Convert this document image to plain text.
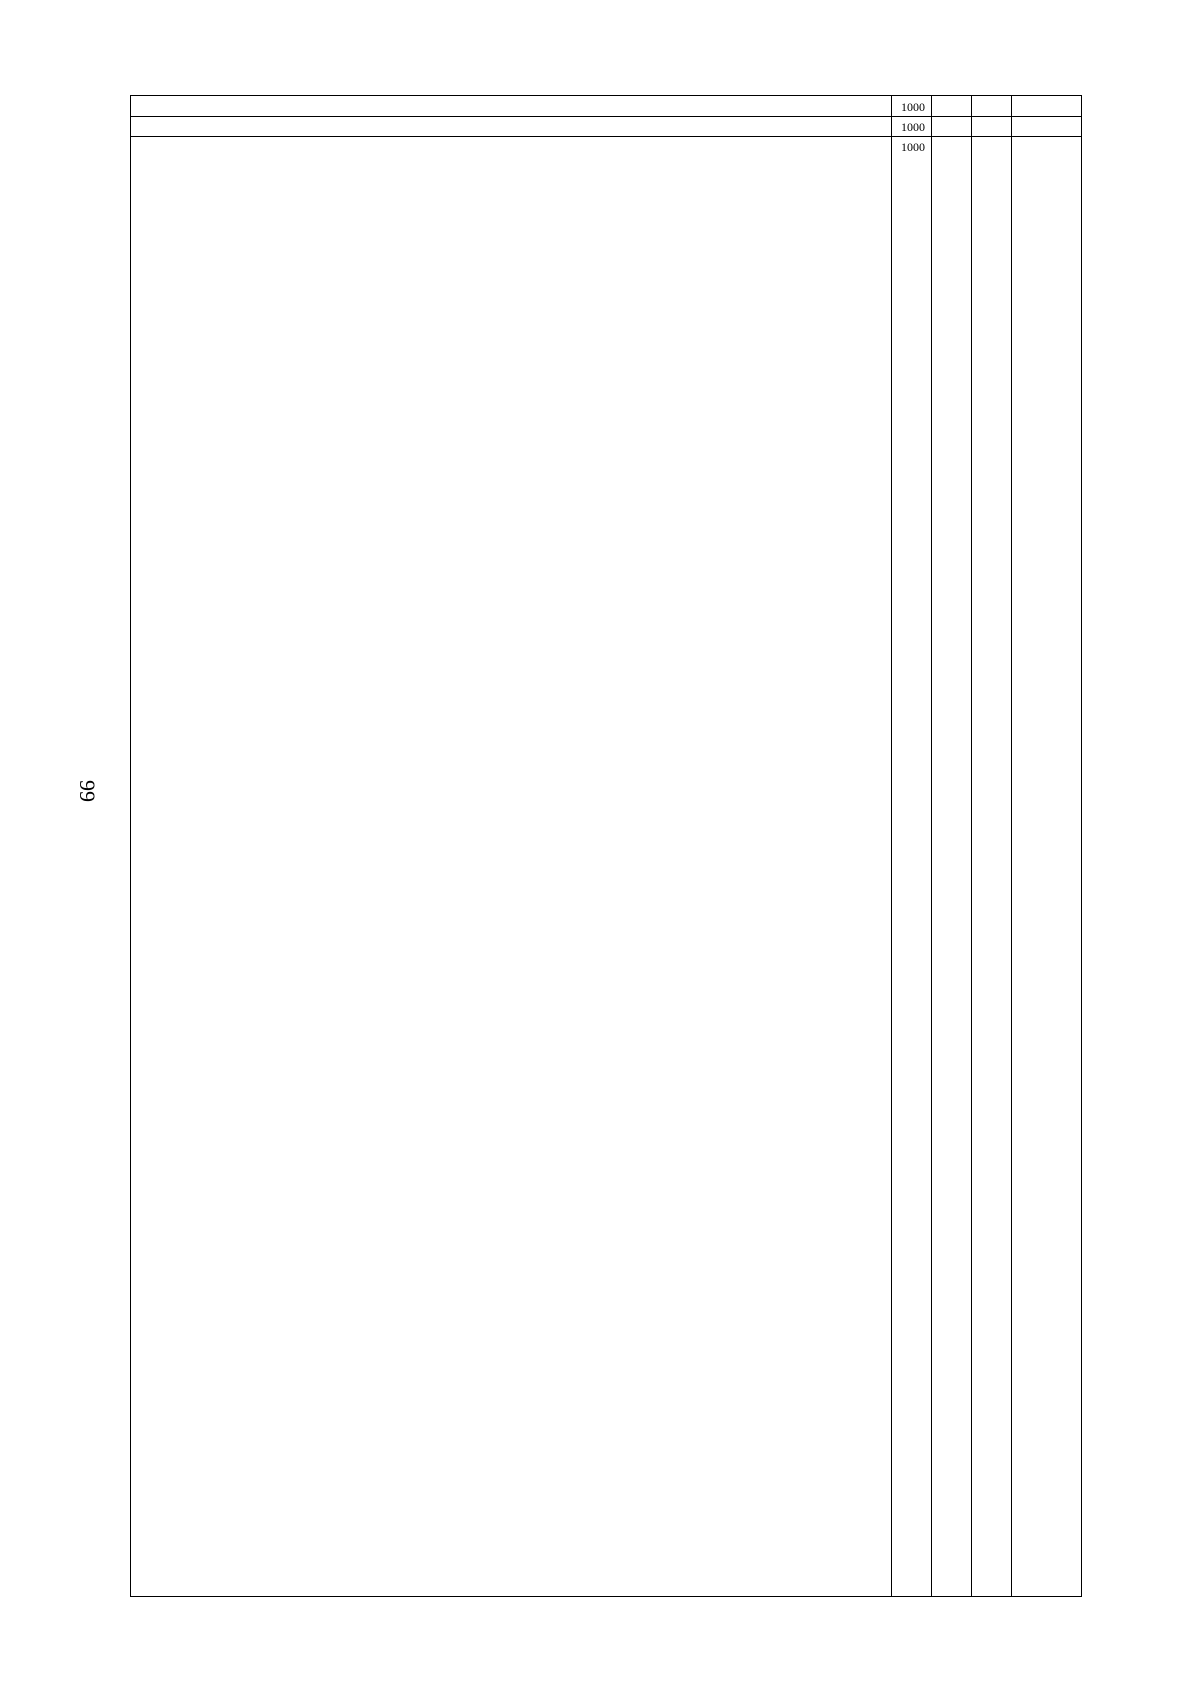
99
1000
1000
1000
